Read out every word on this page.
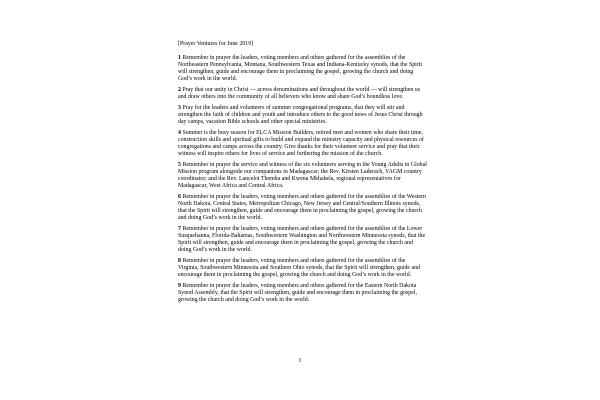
[Prayer Ventures for June 2019]

1 Remember in prayer the leaders, voting members and others gathered for the assemblies of the Northeastern Pennsylvania, Montana, Southwestern Texas and Indiana-Kentucky synods, that the Spirit will strengthen, guide and encourage them in proclaiming the gospel, growing the church and doing God’s work in the world.

2 Pray that our unity in Christ — across denominations and throughout the world — will strengthen us and draw others into the community of all believers who know and share God’s boundless love.

3 Pray for the leaders and volunteers of summer congregational programs, that they will stir and strengthen the faith of children and youth and introduce others to the good news of Jesus Christ through day camps, vacation Bible schools and other special ministries.

4 Summer is the busy season for ELCA Mission Builders, retired men and women who share their time, construction skills and spiritual gifts to build and expand the ministry capacity and physical resources of congregations and camps across the country. Give thanks for their volunteer service and pray that their witness will inspire others for lives of service and furthering the mission of the church.

5 Remember in prayer the service and witness of the six volunteers serving in the Young Adults in Global Mission program alongside our companions in Madagascar; the Rev. Kirsten Laderach, YAGM country coordinator; and the Rev. Lancelot Themba and Kwena Mkhabela, regional representatives for Madagascar, West Africa and Central Africa.

6 Remember in prayer the leaders, voting members and others gathered for the assemblies of the Western North Dakota, Central States, Metropolitan Chicago, New Jersey and Central/Southern Illinois synods, that the Spirit will strengthen, guide and encourage them in proclaiming the gospel, growing the church and doing God’s work in the world.

7 Remember in prayer the leaders, voting members and others gathered for the assemblies of the Lower Susquehanna, Florida-Bahamas, Southwestern Washington and Northwestern Minnesota synods, that the Spirit will strengthen, guide and encourage them in proclaiming the gospel, growing the church and doing God’s work in the world.

8 Remember in prayer the leaders, voting members and others gathered for the assemblies of the Virginia, Southwestern Minnesota and Southern Ohio synods, that the Spirit will strengthen, guide and encourage them in proclaiming the gospel, growing the church and doing God’s work in the world.

9 Remember in prayer the leaders, voting members and others gathered for the Eastern North Dakota Synod Assembly, that the Spirit will strengthen, guide and encourage them in proclaiming the gospel, growing the church and doing God’s work in the world.

1
